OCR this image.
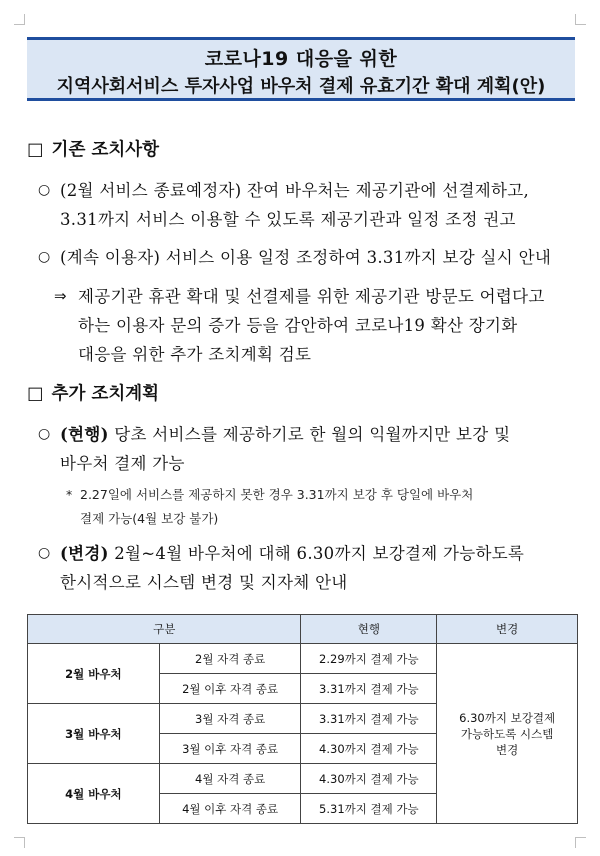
코로나19 대응을 위한
지역사회서비스 투자사업 바우처 결제 유효기간 확대 계획(안)
□ 기존 조치사항
○ (2월 서비스 종료예정자) 잔여 바우처는 제공기관에 선결제하고,
3.31까지 서비스 이용할 수 있도록 제공기관과 일정 조정 권고
○ (계속 이용자) 서비스 이용 일정 조정하여 3.31까지 보강 실시 안내
⇒ 제공기관 휴관 확대 및 선결제를 위한 제공기관 방문도 어렵다고
하는 이용자 문의 증가 등을 감안하여 코로나19 확산 장기화
대응을 위한 추가 조치계획 검토
□ 추가 조치계획
○ (현행) 당초 서비스를 제공하기로 한 월의 익월까지만 보강 및
바우처 결제 가능
* 2.27일에 서비스를 제공하지 못한 경우 3.31까지 보강 후 당일에 바우처
결제 가능(4월 보강 불가)
○ (변경) 2월~4월 바우처에 대해 6.30까지 보강결제 가능하도록
한시적으로 시스템 변경 및 지자체 안내
구분		현행	변경
2월 바우처	2월 자격 종료	2.29까지 결제 가능	6.30까지 보강결제
가능하도록 시스템
변경

	2월 이후 자격 종료	3.31까지 결제 가능	
3월 바우처	3월 자격 종료	3.31까지 결제 가능	
	3월 이후 자격 종료	4.30까지 결제 가능	
4월 바우처	4월 자격 종료	4.30까지 결제 가능	
	4월 이후 자격 종료	5.31까지 결제 가능	
